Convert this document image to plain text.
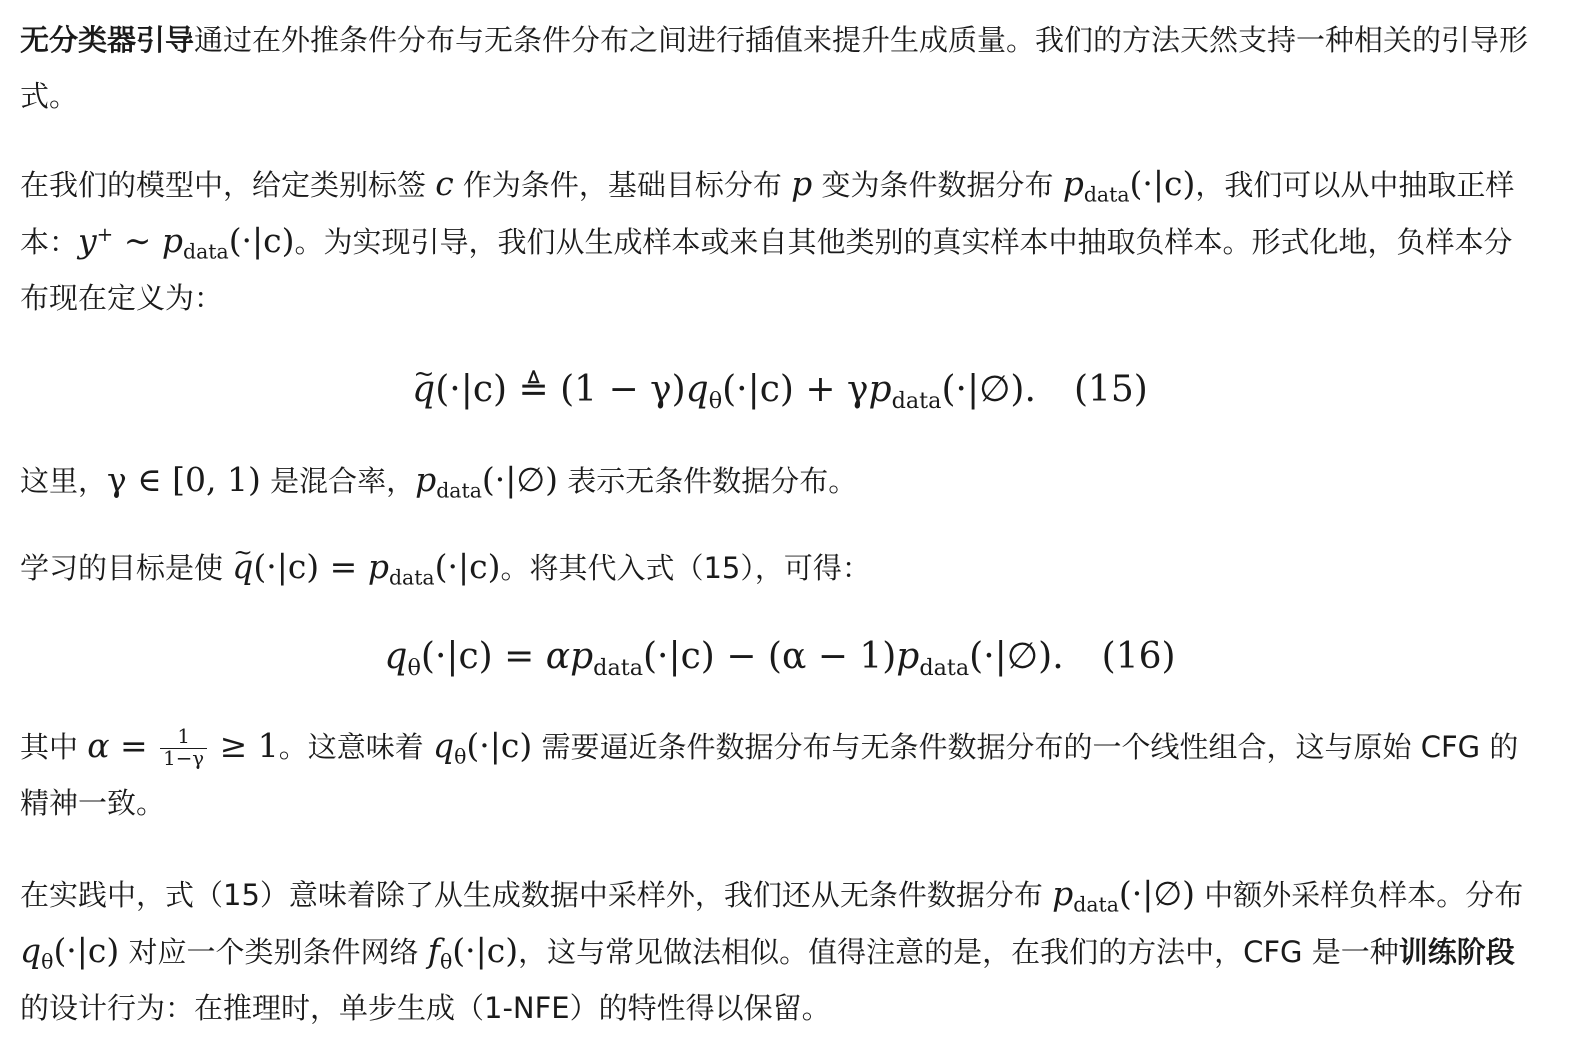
无分类器引导通过在外推条件分布与无条件分布之间进行插值来提升生成质量。我们的方法天然支持一种相关的引导形式。

在我们的模型中，给定类别标签 c 作为条件，基础目标分布 p 变为条件数据分布 $p_{data}(\cdot|c)$，我们可以从中抽取正样本：y+ ∼ $p_{data}(\cdot|c)$。为实现引导，我们从生成样本或来自其他类别的真实样本中抽取负样本。形式化地，负样本分布现在定义为：

~ q(·|c) ≜ $(1 - \gamma)q_\theta(\cdot|c)$ + $\gamma p_{data}(\cdot|\emptyset)$. (15)

这里，γ ∈ [0, 1) 是混合率，$p_{data}(\cdot|\emptyset)$ 表示无条件数据分布。

学习的目标是使 ~ $q(\cdot|c) = p_{data}(\cdot|c)$。将其代入式（15），可得：

$q_\theta(\cdot|c) = \alpha p_{data}(\cdot|c) - (\alpha$ − $1)p_{data}(\cdot|\emptyset)$. (16)

其中 $\alpha = \frac{1}{1-\gamma} \ge 1$。这意味着 $q_\theta(\cdot|c)$ 需要逼近条件数据分布与无条件数据分布的一个线性组合，这与原始 CFG 的精神一致。

在实践中，式（15）意味着除了从生成数据中采样外，我们还从无条件数据分布 $p_{data}(\cdot|\emptyset)$ 中额外采样负样本。分布 $q_\theta(\cdot|c)$ 对应一个类别条件网络 $f_\theta(\cdot|c)$，这与常见做法相似。值得注意的是，在我们的方法中，CFG 是一种训练阶段的设计行为：在推理时，单步生成（1-NFE）的特性得以保留。
